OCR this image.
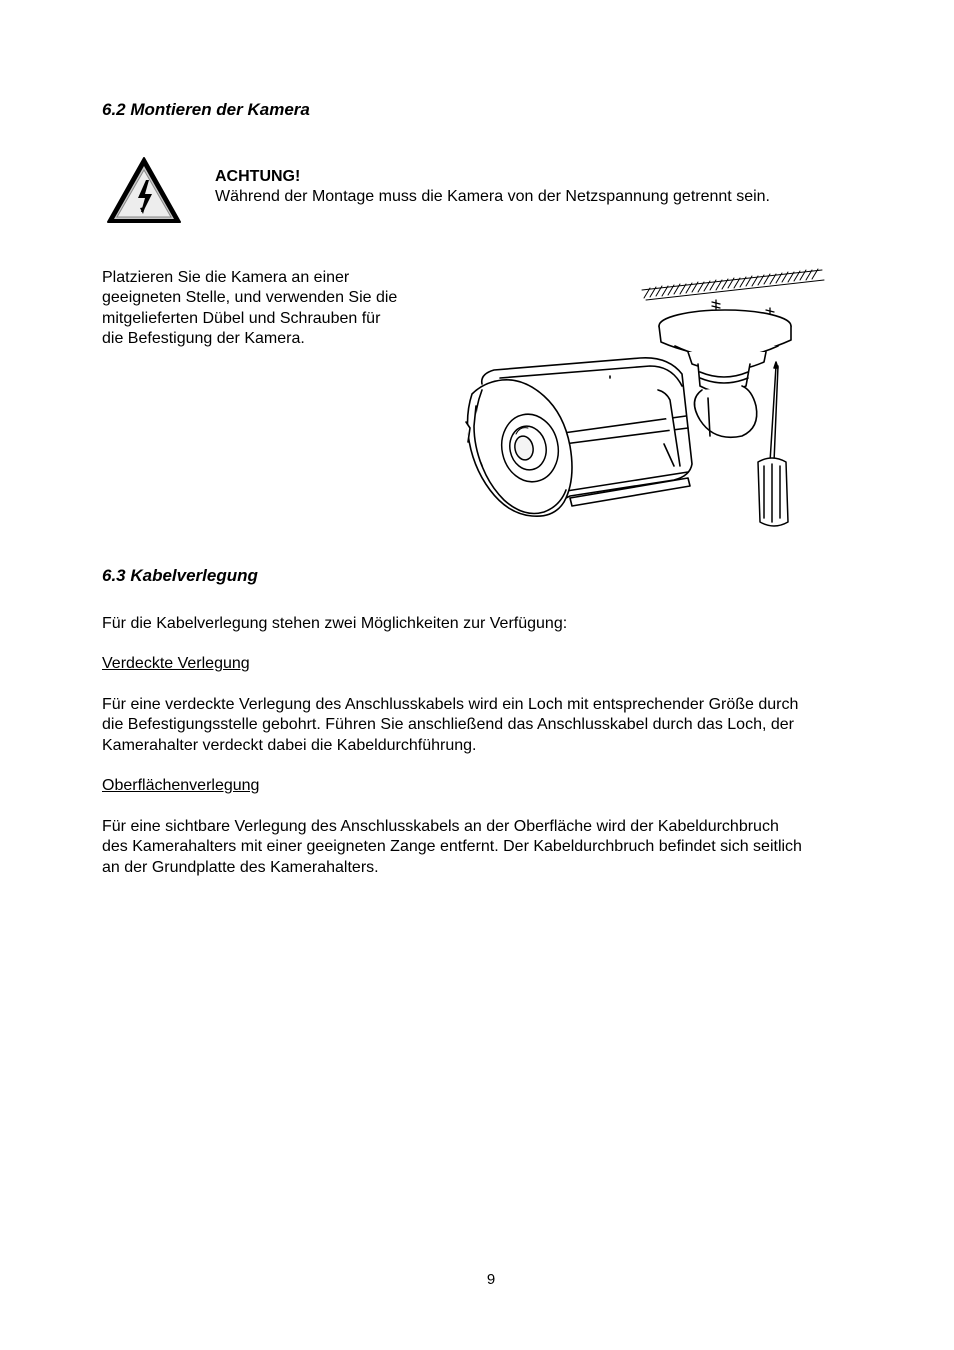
6.2 Montieren der Kamera
ACHTUNG!
Während der Montage muss die Kamera von der Netzspannung getrennt sein.
Platzieren Sie die Kamera an einer
geeigneten Stelle, und verwenden Sie die
mitgelieferten Dübel und Schrauben für
die Befestigung der Kamera.
6.3 Kabelverlegung
Für die Kabelverlegung stehen zwei Möglichkeiten zur Verfügung:
Verdeckte Verlegung
Für eine verdeckte Verlegung des Anschlusskabels wird ein Loch mit entsprechender Größe durch
die Befestigungsstelle gebohrt. Führen Sie anschließend das Anschlusskabel durch das Loch, der
Kamerahalter verdeckt dabei die Kabeldurchführung.
Oberflächenverlegung
Für eine sichtbare Verlegung des Anschlusskabels an der Oberfläche wird der Kabeldurchbruch
des Kamerahalters mit einer geeigneten Zange entfernt. Der Kabeldurchbruch befindet sich seitlich
an der Grundplatte des Kamerahalters.
9
